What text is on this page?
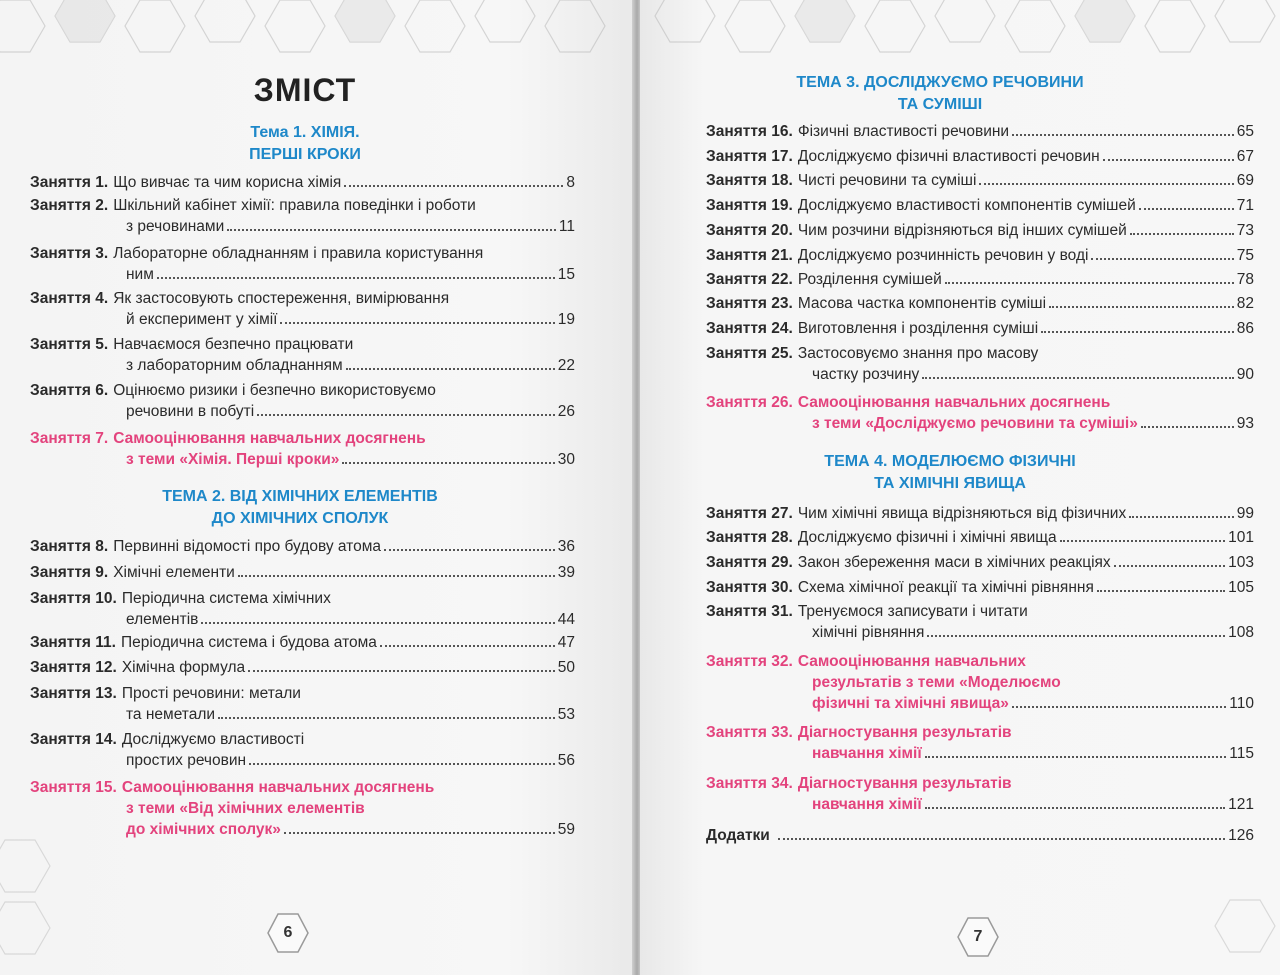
ЗМІСТ
Тема 1. ХІМІЯ.
ПЕРШІ КРОКИ
Заняття 1. Що вивчає та чим корисна хімія	8
Заняття 2. Шкільний кабінет хімії: правила поведінки і роботи
з речовинами	11
Заняття 3. Лабораторне обладнанням і правила користування
ним	15
Заняття 4. Як застосовують спостереження, вимірювання
й експеримент у хімії	19
Заняття 5. Навчаємося безпечно працювати
з лабораторним обладнанням	22
Заняття 6. Оцінюємо ризики і безпечно використовуємо
речовини в побуті	26
Заняття 7. Самооцінювання навчальних досягнень
з теми «Хімія. Перші кроки»	30
Заняття 8. Первинні відомості про будову атома	36
Заняття 9. Хімічні елементи	39
Заняття 10. Періодична система хімічних
елементів	44
Заняття 11. Періодична система і будова атома	47
Заняття 12. Хімічна формула	50
Заняття 13. Прості речовини: метали
та неметали	53
Заняття 14. Досліджуємо властивості
простих речовин	56
Заняття 15. Самооцінювання навчальних досягнень
з теми «Від хімічних елементів
до хімічних сполук»	59
ТЕМА 2. ВІД ХІМІЧНИХ ЕЛЕМЕНТІВ
ДО ХІМІЧНИХ СПОЛУК
6
ТЕМА 3. ДОСЛІДЖУЄМО РЕЧОВИНИ
ТА СУМІШІ
Заняття 16. Фізичні властивості речовини	65
Заняття 17. Досліджуємо фізичні властивості речовин	67
Заняття 18. Чисті речовини та суміші	69
Заняття 19. Досліджуємо властивості компонентів сумішей	71
Заняття 20. Чим розчини відрізняються від інших сумішей	73
Заняття 21. Досліджуємо розчинність речовин у воді	75
Заняття 22. Розділення сумішей	78
Заняття 23. Масова частка компонентів суміші	82
Заняття 24. Виготовлення і розділення суміші	86
Заняття 25. Застосовуємо знання про масову
частку розчину	90
Заняття 26. Самооцінювання навчальних досягнень
з теми «Досліджуємо речовини та суміші»	93
Заняття 27. Чим хімічні явища відрізняються від фізичних	99
Заняття 28. Досліджуємо фізичні і хімічні явища	101
Заняття 29. Закон збереження маси в хімічних реакціях	103
Заняття 30. Схема хімічної реакції та хімічні рівняння	105
Заняття 31. Тренуємося записувати і читати
хімічні рівняння	108
Заняття 32. Самооцінювання навчальних
результатів з теми «Моделюємо
фізичні та хімічні явища»	110
Заняття 33. Діагностування результатів
навчання хімії	115
Заняття 34. Діагностування результатів
навчання хімії	121
Додатки	126
ТЕМА 4. МОДЕЛЮЄМО ФІЗИЧНІ
ТА ХІМІЧНІ ЯВИЩА
7
